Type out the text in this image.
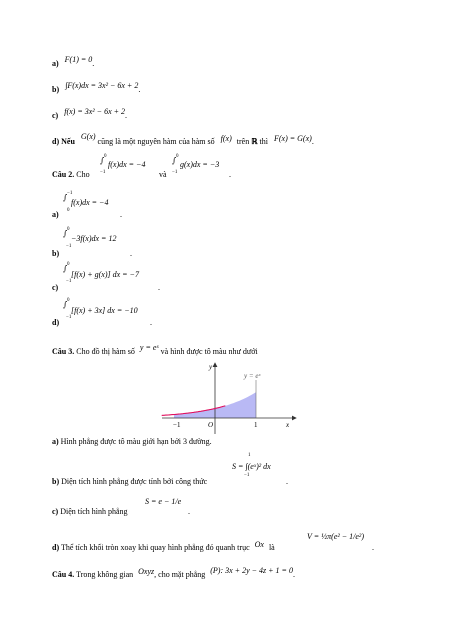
a) F(1) = 0.
b) ∫F(x)dx = 3x² − 6x + 2.
c) f(x) = 3x² − 6x + 2.
d) Nếu G(x) cũng là một nguyên hàm của hàm số f(x) trên ℝ thì F(x) = G(x).
Câu 2. Cho
0
∫
−1
f(x)dx = −4
và
0
∫
−1
g(x)dx = −3
.
a)
−1
∫
0
f(x)dx = −4
.
b)
0
∫
−1
−3f(x)dx = 12
.
c)
0
∫
−1
[f(x) + g(x)] dx = −7
.
d)
0
∫
−1
[f(x) + 3x] dx = −10
.
Câu 3. Cho đồ thị hàm số y = eˣ và hình được tô màu như dưới
y
x
O
−1	1
y = eˣ
a) Hình phẳng được tô màu giới hạn bởi 3 đường.
b) Diện tích hình phẳng được tính bởi công thức
1
−1
S = ∫(eˣ)² dx
.
c) Diện tích hình phẳng
S = e − 1/e
.
d) Thể tích khối tròn xoay khi quay hình phẳng đó quanh trục Ox là
V = ½π(e² − 1/e²)
.
Câu 4. Trong không gian Oxyz, cho mặt phẳng (P): 3x + 2y − 4z + 1 = 0.
